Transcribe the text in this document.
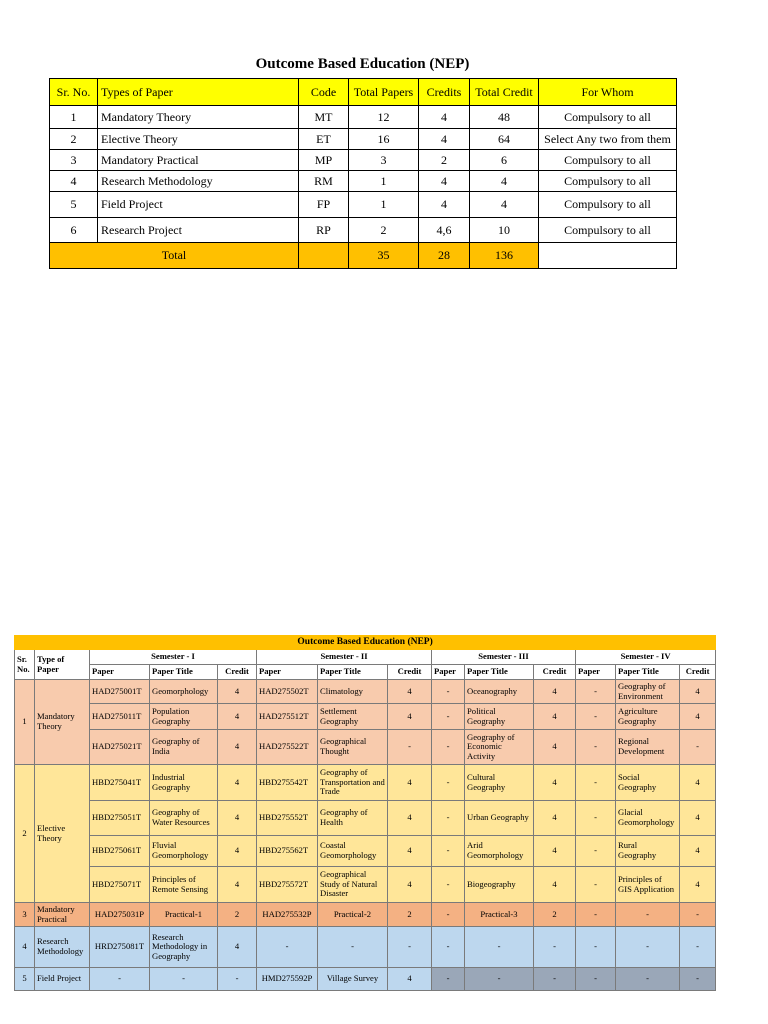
Outcome Based Education (NEP)
Sr. No.	Types of Paper	Code	Total Papers	Credits	Total Credit	For Whom
1	Mandatory Theory	MT	12	4	48	Compulsory to all
2	Elective Theory	ET	16	4	64	Select Any two from them
3	Mandatory Practical	MP	3	2	6	Compulsory to all
4	Research Methodology	RM	1	4	4	Compulsory to all
5	Field Project	FP	1	4	4	Compulsory to all
6	Research Project	RP	2	4,6	10	Compulsory to all
Total			35	28	136	
Outcome Based Education (NEP)													
Sr. No.	Type of Paper	Semester - I			Semester - II			Semester - III			Semester - IV		
		Paper	Paper Title	Credit	Paper	Paper Title	Credit	Paper	Paper Title	Credit	Paper	Paper Title	Credit
1	Mandatory Theory	HAD275001T	Geomorphology	4	HAD275502T	Climatology	4	-	Oceanography	4	-	Geography of Environment	4
		HAD275011T	Population Geography	4	HAD275512T	Settlement Geography	4	-	Political Geography	4	-	Agriculture Geography	4
		HAD275021T	Geography of India	4	HAD275522T	Geographical Thought	-	-	Geography of Economic Activity	4	-	Regional Development	-
2	Elective Theory	HBD275041T	Industrial Geography	4	HBD275542T	Geography of Transportation and Trade	4	-	Cultural Geography	4	-	Social Geography	4
		HBD275051T	Geography of Water Resources	4	HBD275552T	Geography of Health	4	-	Urban Geography	4	-	Glacial Geomorphology	4
		HBD275061T	Fluvial Geomorphology	4	HBD275562T	Coastal Geomorphology	4	-	Arid Geomorphology	4	-	Rural Geography	4
		HBD275071T	Principles of Remote Sensing	4	HBD275572T	Geographical Study of Natural Disaster	4	-	Biogeography	4	-	Principles of GIS Application	4
3	Mandatory Practical	HAD275031P	Practical-1	2	HAD275532P	Practical-2	2	-	Practical-3	2	-	-	-
4	Research Methodology	HRD275081T	Research Methodology in Geography	4	-	-	-	-	-	-	-	-	-
5	Field Project	-	-	-	HMD275592P	Village Survey	4	-	-	-	-	-	-
